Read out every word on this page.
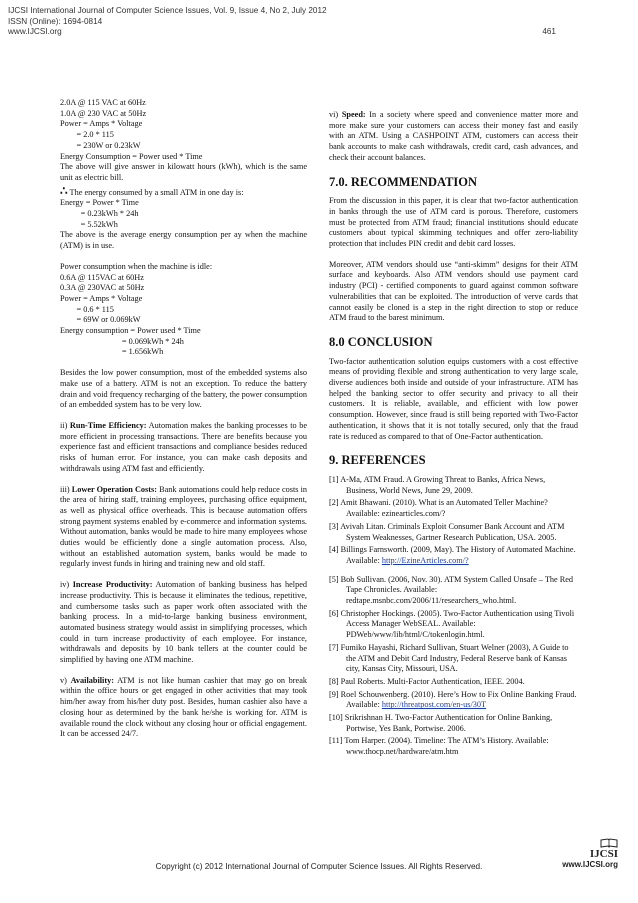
IJCSI International Journal of Computer Science Issues, Vol. 9, Issue 4, No 2, July 2012
ISSN (Online): 1694-0814
www.IJCSI.org	461
2.0A @ 115 VAC at 60Hz
1.0A @ 230 VAC at 50Hz
Power = Amps * Voltage
= 2.0 * 115
= 230W or 0.23kW
Energy Consumption = Power used * Time

The above will give answer in kilowatt hours (kWh), which is the same unit as electric bill.

∴ The energy consumed by a small ATM in one day is:
Energy = Power * Time
= 0.23kWh * 24h
= 5.52kWh

The above is the average energy consumption per ay when the machine (ATM) is in use.

Power consumption when the machine is idle:
0.6A @ 115VAC at 60Hz
0.3A @ 230VAC at 50Hz
Power = Amps * Voltage
= 0.6 * 115
= 69W or 0.069kW
Energy consumption = Power used * Time
= 0.069kWh * 24h
= 1.656kWh

Besides the low power consumption, most of the embedded systems also make use of a battery. ATM is not an exception. To reduce the battery drain and void frequency recharging of the battery, the power consumption of an embedded system has to be very low.

ii) Run-Time Efficiency: Automation makes the banking processes to be more efficient in processing transactions. There are benefits because you experience fast and efficient transactions and compliance besides reduced risks of human error. For instance, you can make cash deposits and withdrawals using ATM fast and efficiently.

iii) Lower Operation Costs: Bank automations could help reduce costs in the area of hiring staff, training employees, purchasing office equipment, as well as physical office overheads. This is because automation offers strong payment systems enabled by e-commerce and information systems. Without automation, banks would be made to hire many employees whose duties would be efficiently done a single automation process. Also, without an established automation system, banks would be made to regularly invest funds in hiring and training new and old staff.

iv) Increase Productivity: Automation of banking business has helped increase productivity. This is because it eliminates the tedious, repetitive, and cumbersome tasks such as paper work often associated with the banking process. In a mid-to-large banking business environment, automated business strategy would assist in simplifying processes, which could in turn increase productivity of each employee. For instance, withdrawals and deposits by 10 bank tellers at the counter could be simplified by having one ATM machine.

v) Availability: ATM is not like human cashier that may go on break within the office hours or get engaged in other activities that may took him/her away from his/her duty post. Besides, human cashier also have a closing hour as determined by the bank he/she is working for. ATM is available round the clock without any closing hour or official engagement. It can be accessed 24/7.

vi) Speed: In a society where speed and convenience matter more and more make sure your customers can access their money fast and easily with an ATM. Using a CASHPOINT ATM, customers can access their bank accounts to make cash withdrawals, credit card, cash advances, and check their account balances.

7.0. RECOMMENDATION

From the discussion in this paper, it is clear that two-factor authentication in banks through the use of ATM card is porous. Therefore, customers must be protected from ATM fraud; financial institutions should educate customers about typical skimming techniques and offer zero-liability protection that includes PIN credit and debit card losses.

Moreover, ATM vendors should use “anti-skimm” designs for their ATM surface and keyboards. Also ATM vendors should use payment card industry (PCI) - certified components to guard against common software vulnerabilities that can be exploited. The introduction of verve cards that cannot easily be cloned is a step in the right direction to stop or reduce ATM fraud to the barest minimum.

8.0 CONCLUSION

Two-factor authentication solution equips customers with a cost effective means of providing flexible and strong authentication to very large scale, diverse audiences both inside and outside of your infrastructure. ATM has helped the banking sector to offer security and privacy to all their customers. It is reliable, available, and efficient with low power consumption. However, since fraud is still being reported with Two-Factor authentication, it shows that it is not totally secured, only that the fraud rate is reduced as compared to that of One-Factor authentication.

9. REFERENCES

[1] A-Ma, ATM Fraud. A Growing Threat to Banks, Africa News, Business, World News, June 29, 2009.

[2] Amit Bhawani. (2010). What is an Automated Teller Machine? Available: ezinearticles.com/?

[3] Avivah Litan. Criminals Exploit Consumer Bank Account and ATM System Weaknesses, Gartner Research Publication, USA. 2005.

[4] Billings Farnsworth. (2009, May). The History of Automated Machine. Available: http://EzineArticles.com/?

[5] Bob Sullivan. (2006, Nov. 30). ATM System Called Unsafe – The Red Tape Chronicles. Available: redtape.msnbc.com/2006/11/researchers_who.html.

[6] Christopher Hockings. (2005). Two-Factor Authentication using Tivoli Access Manager WebSEAL. Available: PDWeb/www/lib/html/C/tokenlogin.html.

[7] Fumiko Hayashi, Richard Sullivan, Stuart Welner (2003), A Guide to the ATM and Debit Card Industry, Federal Reserve bank of Kansas city, Kansas City, Missouri, USA.

[8] Paul Roberts. Multi-Factor Authentication, IEEE. 2004.

[9] Roel Schouwenberg. (2010). Here’s How to Fix Online Banking Fraud. Available: http://threatpost.com/en-us/30T

[10] Srikrishnan H. Two-Factor Authentication for Online Banking, Portwise, Yes Bank, Portwise. 2006.

[11] Tom Harper. (2004). Timeline: The ATM’s History. Available: www.thocp.net/hardware/atm.htm

IJCSI
www.IJCSI.org
Copyright (c) 2012 International Journal of Computer Science Issues. All Rights Reserved.
